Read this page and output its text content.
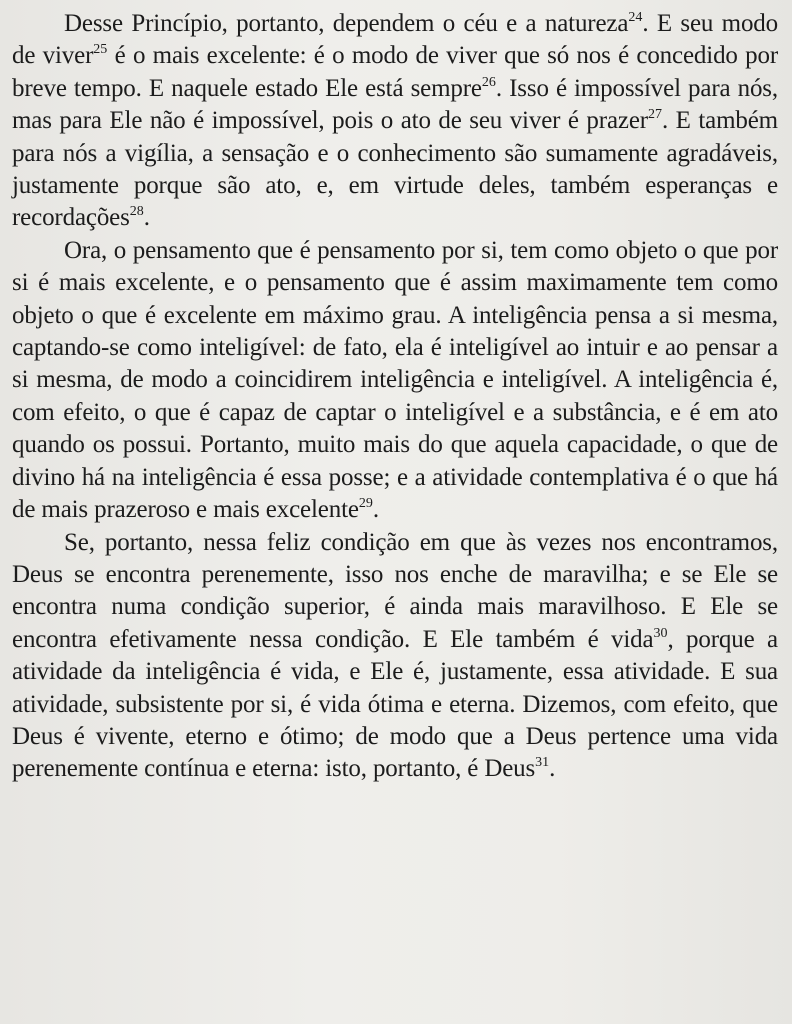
Desse Princípio, portanto, dependem o céu e a natureza$^{24}$. E seu modo de viver$^{25}$ é o mais excelente: é o modo de viver que só nos é concedido por breve tempo. E naquele estado Ele está sempre$^{26}$. Isso é impossível para nós, mas para Ele não é impossível, pois o ato de seu viver é prazer$^{27}$. E também para nós a vigília, a sensação e o conhecimento são sumamente agradáveis, justamente porque são ato, e, em virtude deles, também esperanças e recordações$^{28}$.

Ora, o pensamento que é pensamento por si, tem como objeto o que por si é mais excelente, e o pensamento que é assim maximamente tem como objeto o que é excelente em máximo grau. A inteligência pensa a si mesma, captando-se como inteligível: de fato, ela é inteligível ao intuir e ao pensar a si mesma, de modo a coincidirem inteligência e inteligível. A inteligência é, com efeito, o que é capaz de captar o inteligível e a substância, e é em ato quando os possui. Portanto, muito mais do que aquela capacidade, o que de divino há na inteligência é essa posse; e a atividade contemplativa é o que há de mais prazeroso e mais excelente$^{29}$.

Se, portanto, nessa feliz condição em que às vezes nos encontramos, Deus se encontra perenemente, isso nos enche de maravilha; e se Ele se encontra numa condição superior, é ainda mais maravilhoso. E Ele se encontra efetivamente nessa condição. E Ele também é vida$^{30}$, porque a atividade da inteligência é vida, e Ele é, justamente, essa atividade. E sua atividade, subsistente por si, é vida ótima e eterna. Dizemos, com efeito, que Deus é vivente, eterno e ótimo; de modo que a Deus pertence uma vida perenemente contínua e eterna: isto, portanto, é Deus$^{31}$.
